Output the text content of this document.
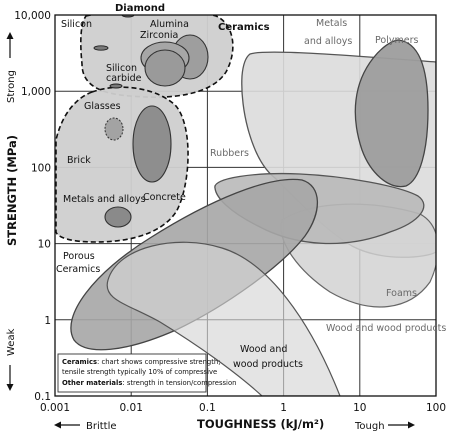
Ceramics: chart shows compressive strength;
tensile strength typically 10% of compressive
Other materials: strength in tension/compression
Diamond
Silicon	Alumina
Zirconia
Ceramics
Silicon
carbide
Glasses
Brick
Concrete
Metals and alloys
Porous
Ceramics
Metals
and alloys Polymers
Rubbers
Foams
Wood and wood products
Wood and
wood products
0.001	0.01	0.1	1	10	100
0.1
1
10
100
1,000
10,000
TOUGHNESS (kJ/m²)
STRENGTH (MPa)
Brittle	Tough
Strong
Weak
